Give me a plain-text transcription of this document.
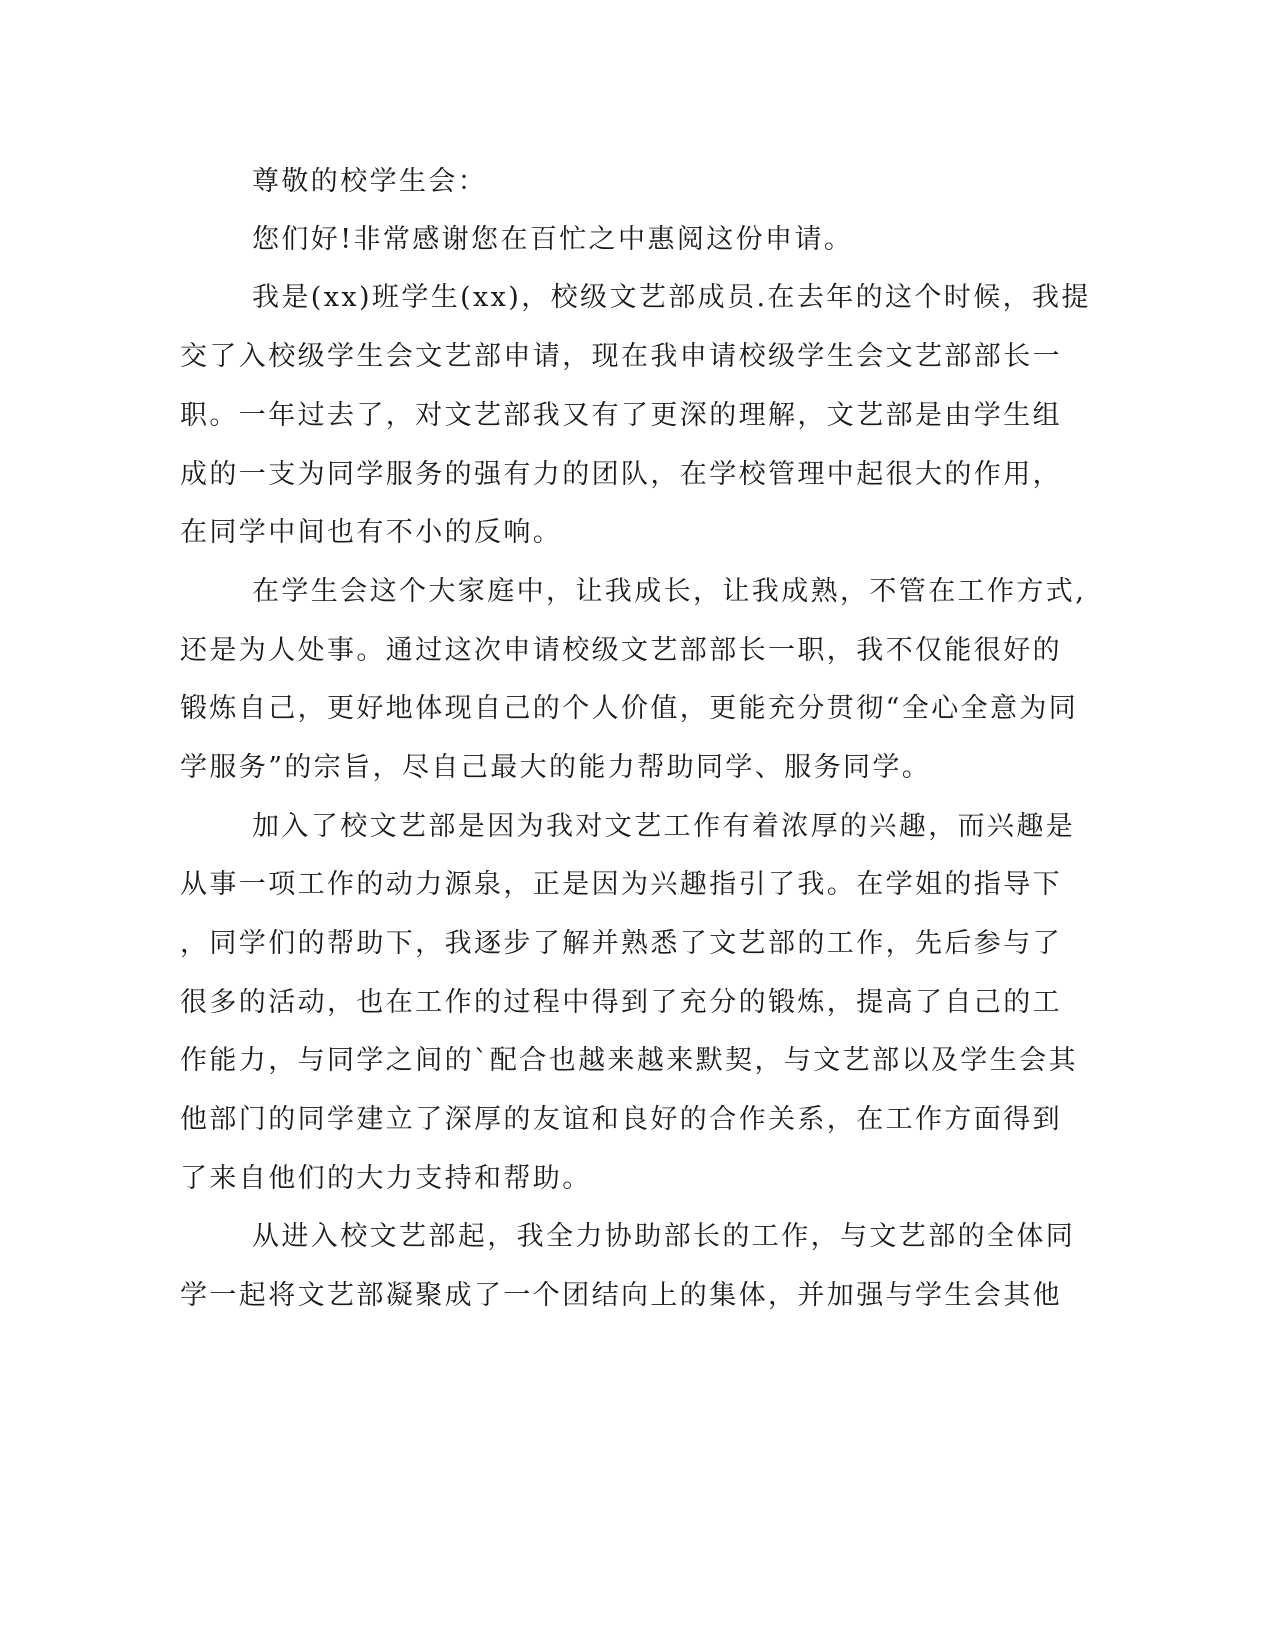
尊敬的校学生会：
您们好!非常感谢您在百忙之中惠阅这份申请。
我是(xx)班学生(xx)，校级文艺部成员.在去年的这个时候，我提
交了入校级学生会文艺部申请，现在我申请校级学生会文艺部部长一
职。一年过去了，对文艺部我又有了更深的理解，文艺部是由学生组
成的一支为同学服务的强有力的团队，在学校管理中起很大的作用，
在同学中间也有不小的反响。
在学生会这个大家庭中，让我成长，让我成熟，不管在工作方式,
还是为人处事。通过这次申请校级文艺部部长一职，我不仅能很好的
锻炼自己，更好地体现自己的个人价值，更能充分贯彻“全心全意为同
学服务”的宗旨，尽自己最大的能力帮助同学、服务同学。
加入了校文艺部是因为我对文艺工作有着浓厚的兴趣，而兴趣是
从事一项工作的动力源泉，正是因为兴趣指引了我。在学姐的指导下
，同学们的帮助下，我逐步了解并熟悉了文艺部的工作，先后参与了
很多的活动，也在工作的过程中得到了充分的锻炼，提高了自己的工
作能力，与同学之间的`配合也越来越来默契，与文艺部以及学生会其
他部门的同学建立了深厚的友谊和良好的合作关系，在工作方面得到
了来自他们的大力支持和帮助。
从进入校文艺部起，我全力协助部长的工作，与文艺部的全体同
学一起将文艺部凝聚成了一个团结向上的集体，并加强与学生会其他
